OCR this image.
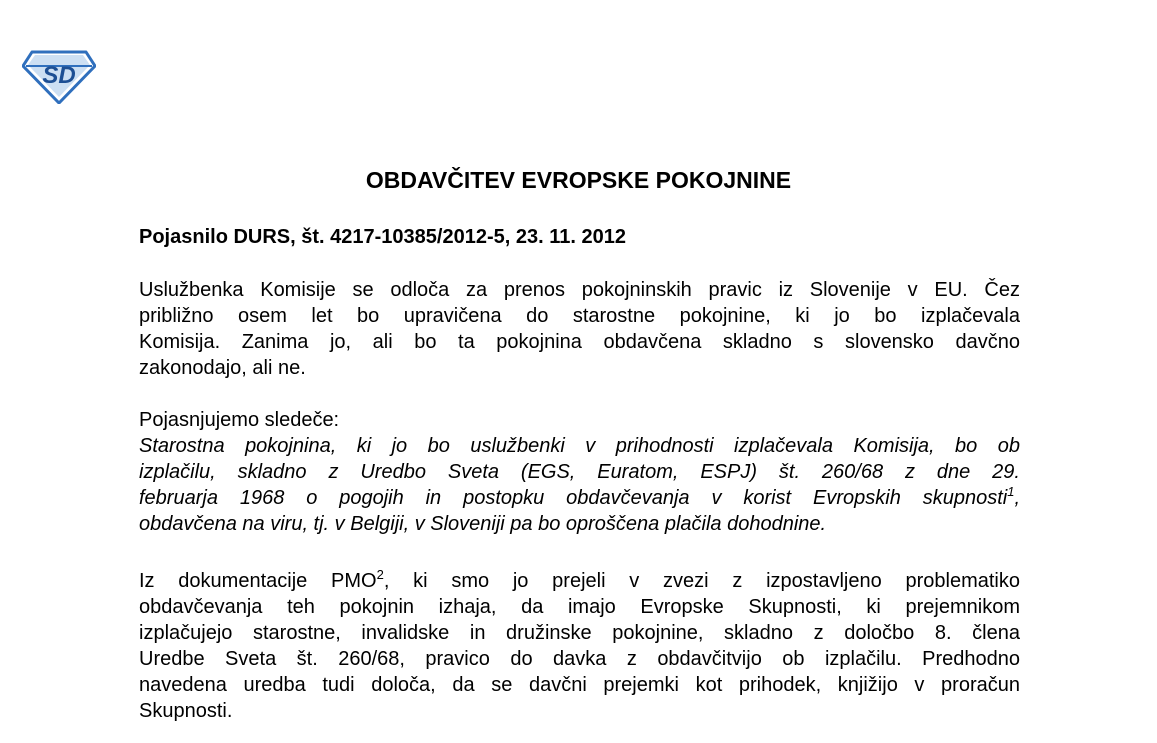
SD
OBDAVČITEV EVROPSKE POKOJNINE

Pojasnilo DURS, št. 4217-10385/2012-5, 23. 11. 2012

Uslužbenka Komisije se odloča za prenos pokojninskih pravic iz Slovenije v EU. Čez
približno osem let bo upravičena do starostne pokojnine, ki jo bo izplačevala
Komisija. Zanima jo, ali bo ta pokojnina obdavčena skladno s slovensko davčno
zakonodajo, ali ne.

Pojasnjujemo sledeče:
Starostna pokojnina, ki jo bo uslužbenki v prihodnosti izplačevala Komisija, bo ob
izplačilu, skladno z Uredbo Sveta (EGS, Euratom, ESPJ) št. 260/68 z dne 29.
februarja 1968 o pogojih in postopku obdavčevanja v korist Evropskih skupnosti$^1$,
obdavčena na viru, tj. v Belgiji, v Sloveniji pa bo oproščena plačila dohodnine.

Iz dokumentacije PMO$^2$, ki smo jo prejeli v zvezi z izpostavljeno problematiko
obdavčevanja teh pokojnin izhaja, da imajo Evropske Skupnosti, ki prejemnikom
izplačujejo starostne, invalidske in družinske pokojnine, skladno z določbo 8. člena
Uredbe Sveta št. 260/68, pravico do davka z obdavčitvijo ob izplačilu. Predhodno
navedena uredba tudi določa, da se davčni prejemki kot prihodek, knjižijo v proračun
Skupnosti.
